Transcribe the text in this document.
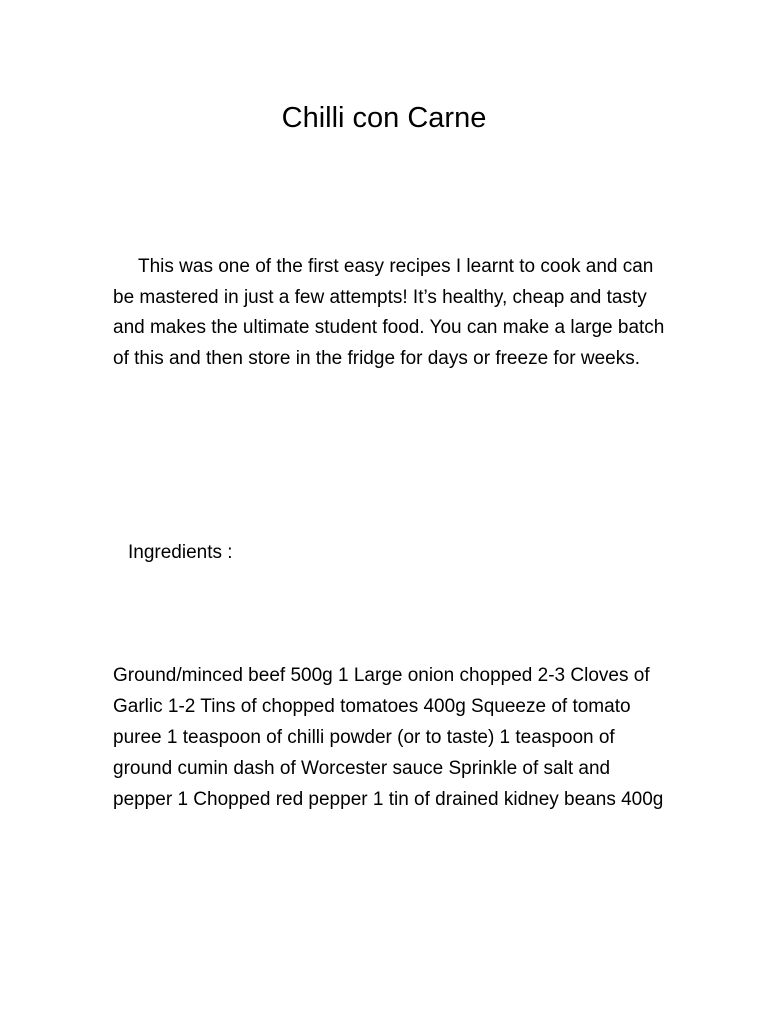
Chilli con Carne

This was one of the first easy recipes I learnt to cook and can be mastered in just a few attempts! It’s healthy, cheap and tasty and makes the ultimate student food. You can make a large batch of this and then store in the fridge for days or freeze for weeks.

Ingredients :

Ground/minced beef 500g 1 Large onion chopped 2-3 Cloves of Garlic 1-2 Tins of chopped tomatoes 400g Squeeze of tomato puree 1 teaspoon of chilli powder (or to taste) 1 teaspoon of ground cumin dash of Worcester sauce Sprinkle of salt and pepper 1 Chopped red pepper 1 tin of drained kidney beans 400g
